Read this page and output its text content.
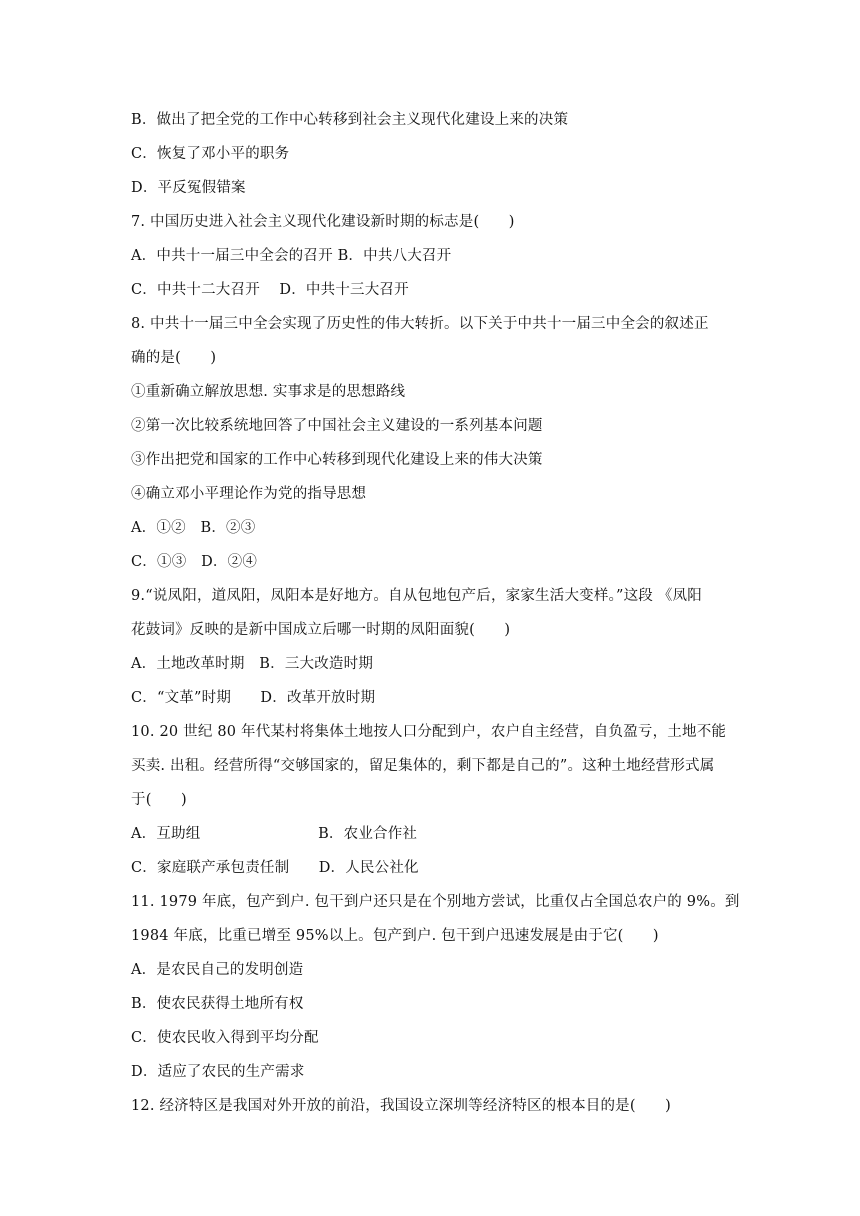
B．做出了把全党的工作中心转移到社会主义现代化建设上来的决策
C．恢复了邓小平的职务
D．平反冤假错案
7. 中国历史进入社会主义现代化建设新时期的标志是(　　)
A．中共十一届三中全会的召开 B．中共八大召开
C．中共十二大召开　 D．中共十三大召开
8. 中共十一届三中全会实现了历史性的伟大转折。以下关于中共十一届三中全会的叙述正
确的是(　　)
①重新确立解放思想. 实事求是的思想路线
②第一次比较系统地回答了中国社会主义建设的一系列基本问题
③作出把党和国家的工作中心转移到现代化建设上来的伟大决策
④确立邓小平理论作为党的指导思想
A．①②　B．②③
C．①③　D．②④
9.“说凤阳，道凤阳，凤阳本是好地方。自从包地包产后，家家生活大变样。”这段 《凤阳
花鼓词》反映的是新中国成立后哪一时期的凤阳面貌(　　)
A．土地改革时期　B．三大改造时期
C．“文革”时期　　D．改革开放时期
10. 20 世纪 80 年代某村将集体土地按人口分配到户，农户自主经营，自负盈亏，土地不能
买卖. 出租。经营所得“交够国家的，留足集体的，剩下都是自己的”。这种土地经营形式属
于(　　)
A．互助组　　　　　　　　B．农业合作社
C．家庭联产承包责任制　　D．人民公社化
11. 1979 年底，包产到户. 包干到户还只是在个别地方尝试，比重仅占全国总农户的 9%。到
1984 年底，比重已增至 95%以上。包产到户. 包干到户迅速发展是由于它(　　)
A．是农民自己的发明创造
B．使农民获得土地所有权
C．使农民收入得到平均分配
D．适应了农民的生产需求
12. 经济特区是我国对外开放的前沿，我国设立深圳等经济特区的根本目的是(　　)
